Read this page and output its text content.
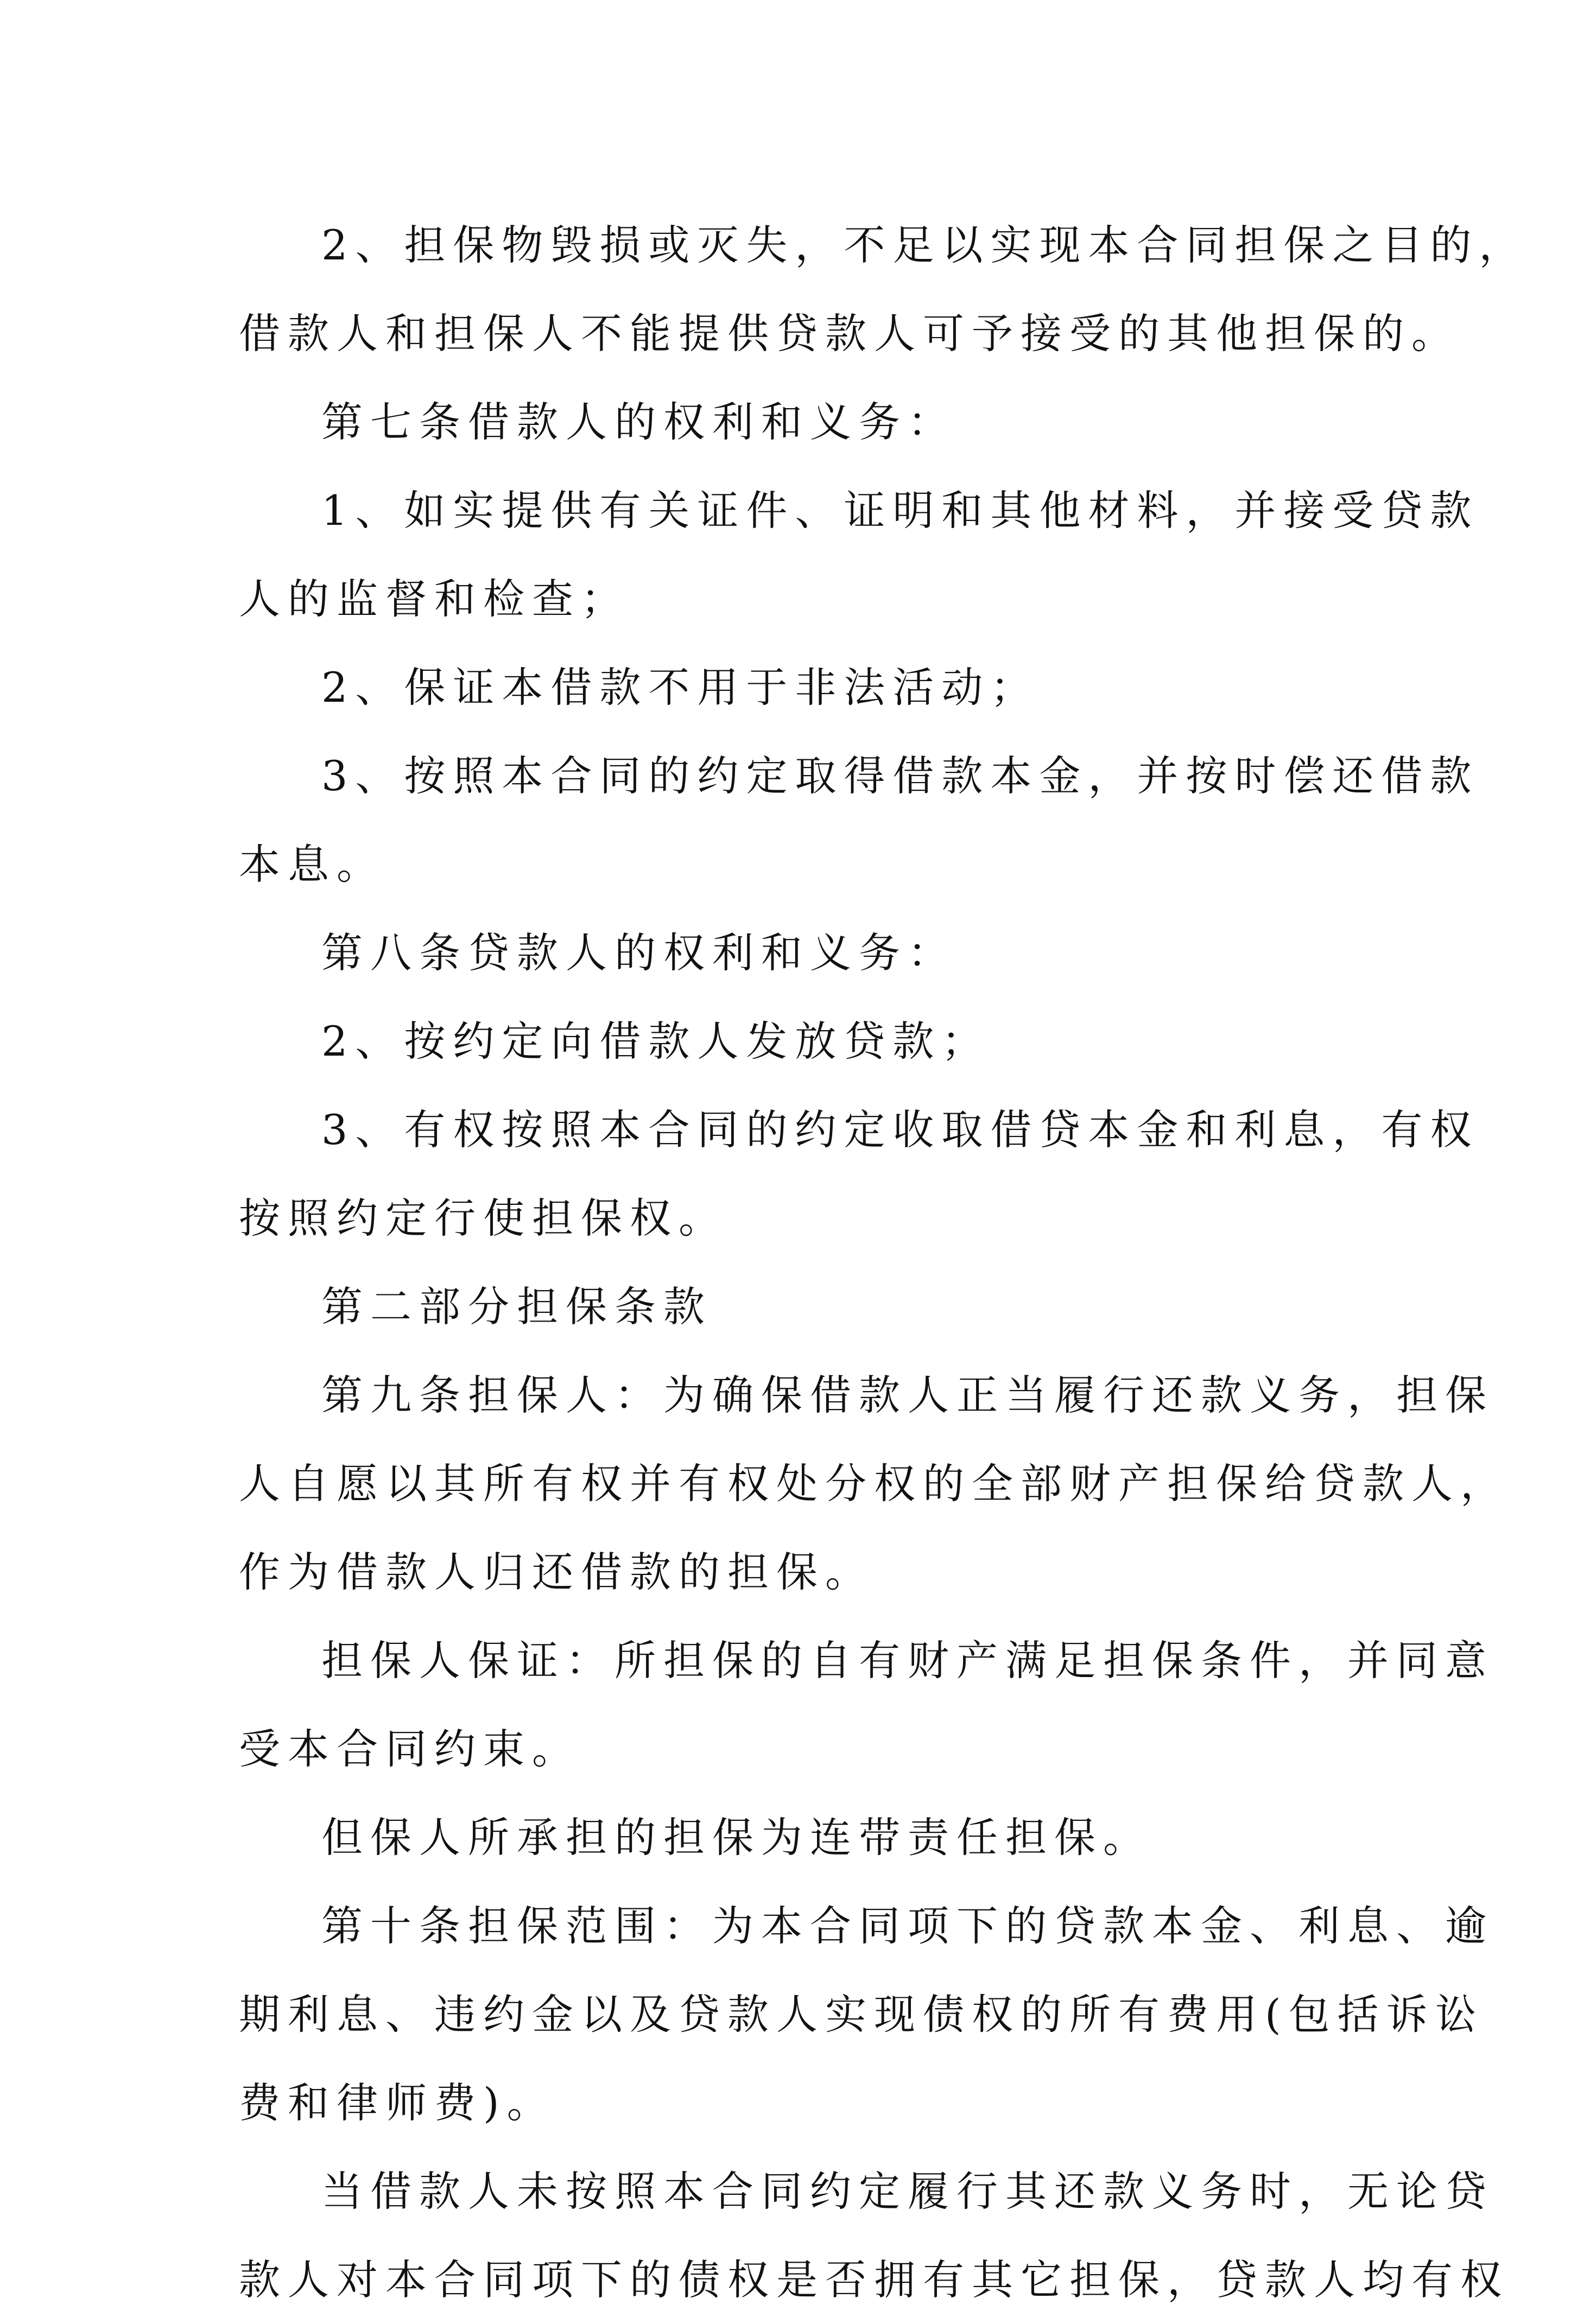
2、担保物毁损或灭失，不足以实现本合同担保之目的，
借款人和担保人不能提供贷款人可予接受的其他担保的。
第七条借款人的权利和义务：
1、如实提供有关证件、证明和其他材料，并接受贷款
人的监督和检查；
2、保证本借款不用于非法活动；
3、按照本合同的约定取得借款本金，并按时偿还借款
本息。
第八条贷款人的权利和义务：
2、按约定向借款人发放贷款；
3、有权按照本合同的约定收取借贷本金和利息，有权
按照约定行使担保权。
第二部分担保条款
第九条担保人：为确保借款人正当履行还款义务，担保
人自愿以其所有权并有权处分权的全部财产担保给贷款人，
作为借款人归还借款的担保。
担保人保证：所担保的自有财产满足担保条件，并同意
受本合同约束。
但保人所承担的担保为连带责任担保。
第十条担保范围：为本合同项下的贷款本金、利息、逾
期利息、违约金以及贷款人实现债权的所有费用(包括诉讼
费和律师费)。
当借款人未按照本合同约定履行其还款义务时，无论贷
款人对本合同项下的债权是否拥有其它担保，贷款人均有权
